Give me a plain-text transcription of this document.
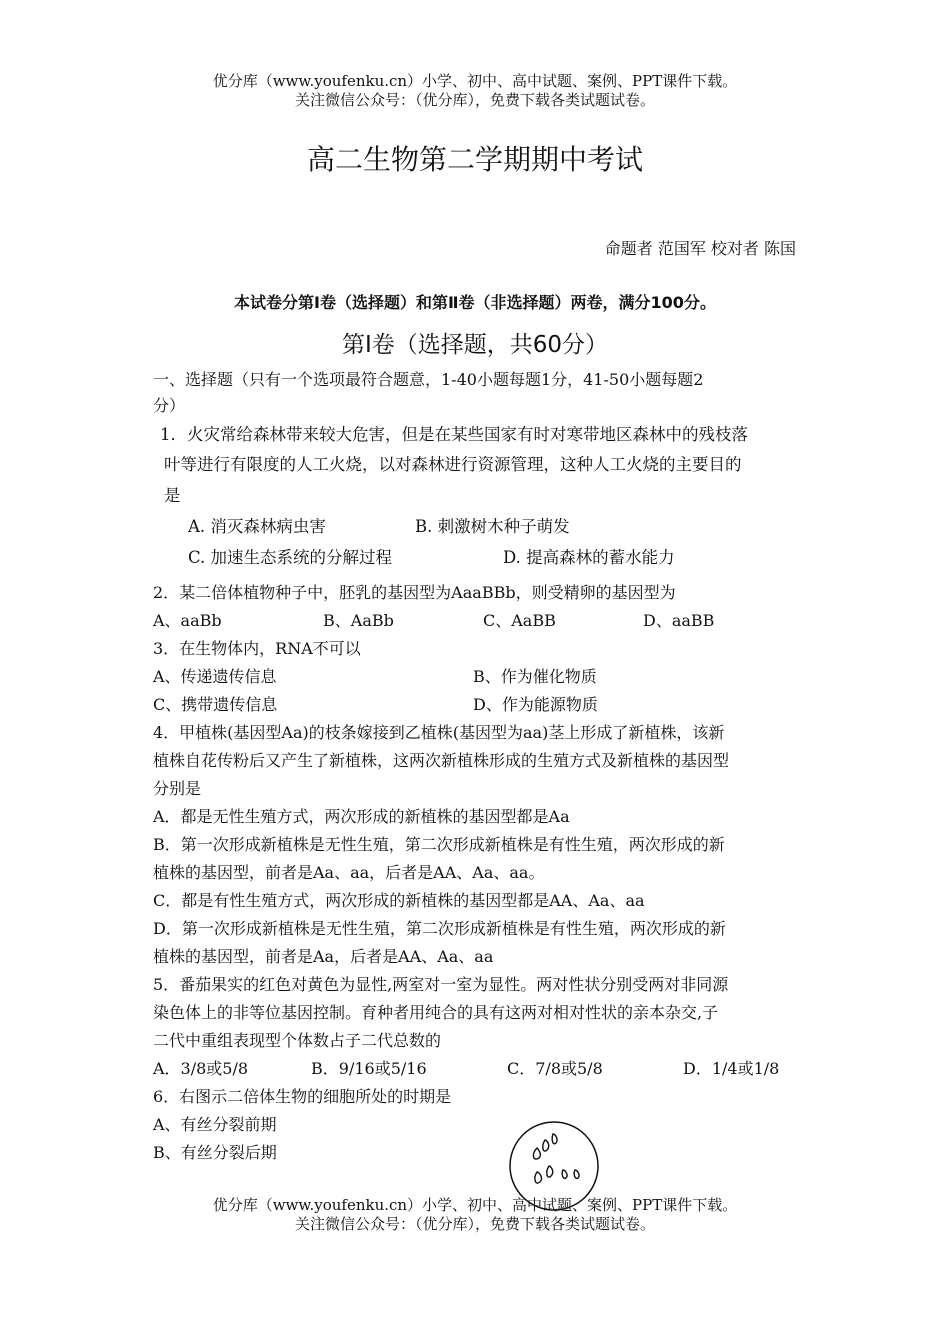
优分库（www.youfenku.cn）小学、初中、高中试题、案例、PPT课件下载。
关注微信公众号：（优分库），免费下载各类试题试卷。
高二生物第二学期期中考试
命题者 范国军 校对者 陈国
本试卷分第Ⅰ卷（选择题）和第Ⅱ卷（非选择题）两卷，满分100分。
第Ⅰ卷（选择题，共60分）
一、选择题（只有一个选项最符合题意，1-40小题每题1分，41-50小题每题2
分）
1．火灾常给森林带来较大危害，但是在某些国家有时对寒带地区森林中的残枝落
叶等进行有限度的人工火烧，以对森林进行资源管理，这种人工火烧的主要目的
是
A. 消灭森林病虫害	B. 刺激树木种子萌发
C. 加速生态系统的分解过程	D. 提高森林的蓄水能力
2．某二倍体植物种子中，胚乳的基因型为AaaBBb，则受精卵的基因型为
A、aaBb	B、AaBb	C、AaBB	D、aaBB
3．在生物体内，RNA不可以
A、传递遗传信息	B、作为催化物质
C、携带遗传信息	D、作为能源物质
4．甲植株(基因型Aa)的枝条嫁接到乙植株(基因型为aa)茎上形成了新植株，该新
植株自花传粉后又产生了新植株，这两次新植株形成的生殖方式及新植株的基因型
分别是
A．都是无性生殖方式，两次形成的新植株的基因型都是Aa
B．第一次形成新植株是无性生殖，第二次形成新植株是有性生殖，两次形成的新
植株的基因型，前者是Aa、aa，后者是AA、Aa、aa。
C．都是有性生殖方式，两次形成的新植株的基因型都是AA、Aa、aa
D．第一次形成新植株是无性生殖，第二次形成新植株是有性生殖，两次形成的新
植株的基因型，前者是Aa，后者是AA、Aa、aa
5．番茄果实的红色对黄色为显性,两室对一室为显性。两对性状分别受两对非同源
染色体上的非等位基因控制。育种者用纯合的具有这两对相对性状的亲本杂交,子
二代中重组表现型个体数占子二代总数的
A．3/8或5/8	B．9/16或5/16	C．7/8或5/8	D．1/4或1/8
6．右图示二倍体生物的细胞所处的时期是
A、有丝分裂前期
B、有丝分裂后期
优分库（www.youfenku.cn）小学、初中、高中试题、案例、PPT课件下载。
关注微信公众号：（优分库），免费下载各类试题试卷。
